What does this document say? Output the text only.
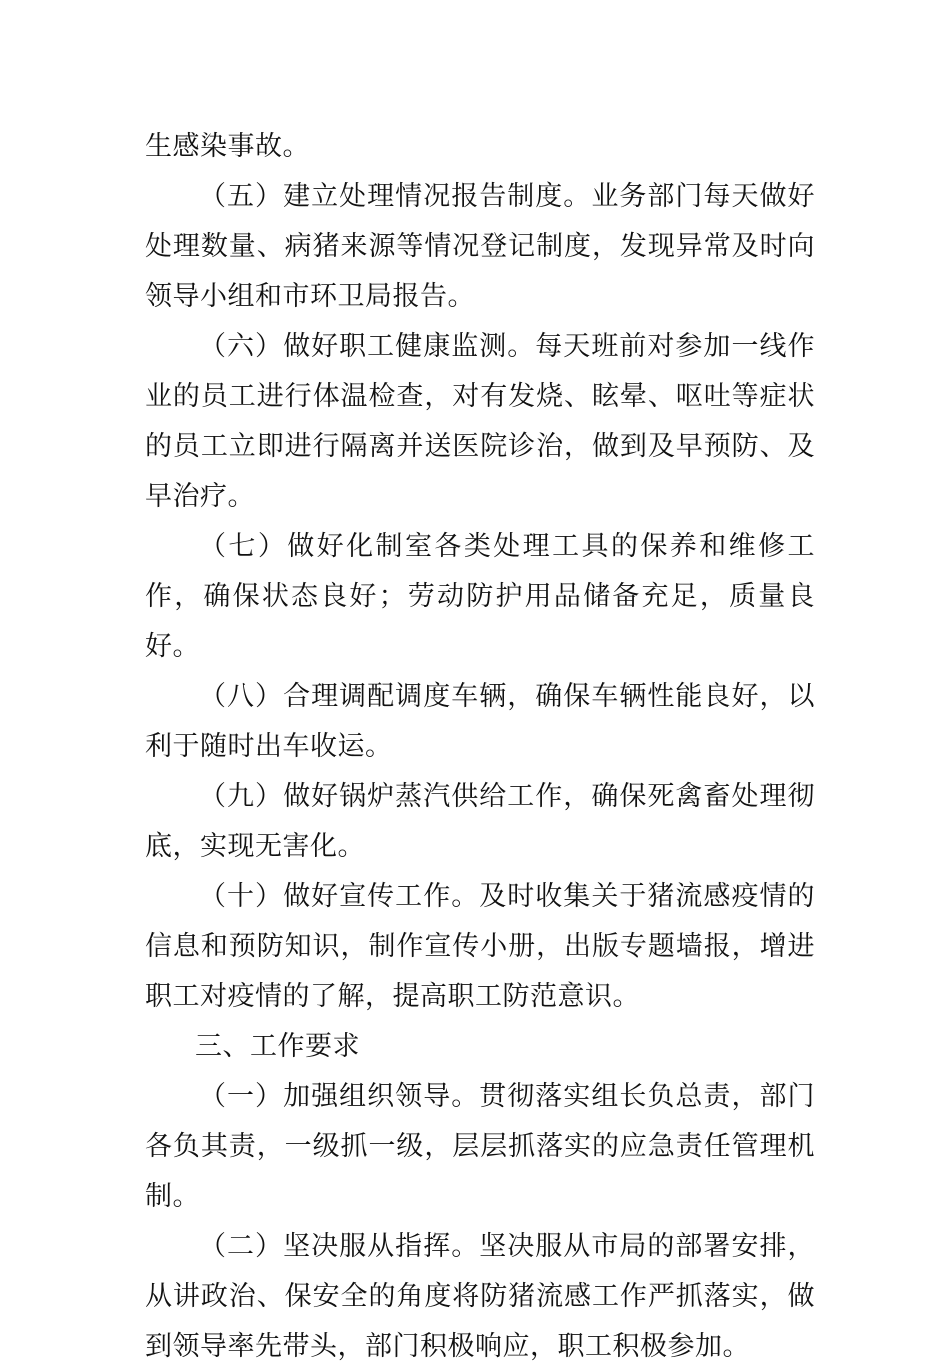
生感染事故。

（五）建立处理情况报告制度。业务部门每天做好处理数量、病猪来源等情况登记制度，发现异常及时向领导小组和市环卫局报告。

（六）做好职工健康监测。每天班前对参加一线作业的员工进行体温检查，对有发烧、眩晕、呕吐等症状的员工立即进行隔离并送医院诊治，做到及早预防、及早治疗。

（七）做好化制室各类处理工具的保养和维修工作，确保状态良好；劳动防护用品储备充足，质量良好。

（八）合理调配调度车辆，确保车辆性能良好，以利于随时出车收运。

（九）做好锅炉蒸汽供给工作，确保死禽畜处理彻底，实现无害化。

（十）做好宣传工作。及时收集关于猪流感疫情的信息和预防知识，制作宣传小册，出版专题墙报，增进职工对疫情的了解，提高职工防范意识。

三、工作要求

（一）加强组织领导。贯彻落实组长负总责，部门各负其责，一级抓一级，层层抓落实的应急责任管理机制。

（二）坚决服从指挥。坚决服从市局的部署安排，从讲政治、保安全的角度将防猪流感工作严抓落实，做到领导率先带头，部门积极响应，职工积极参加。
